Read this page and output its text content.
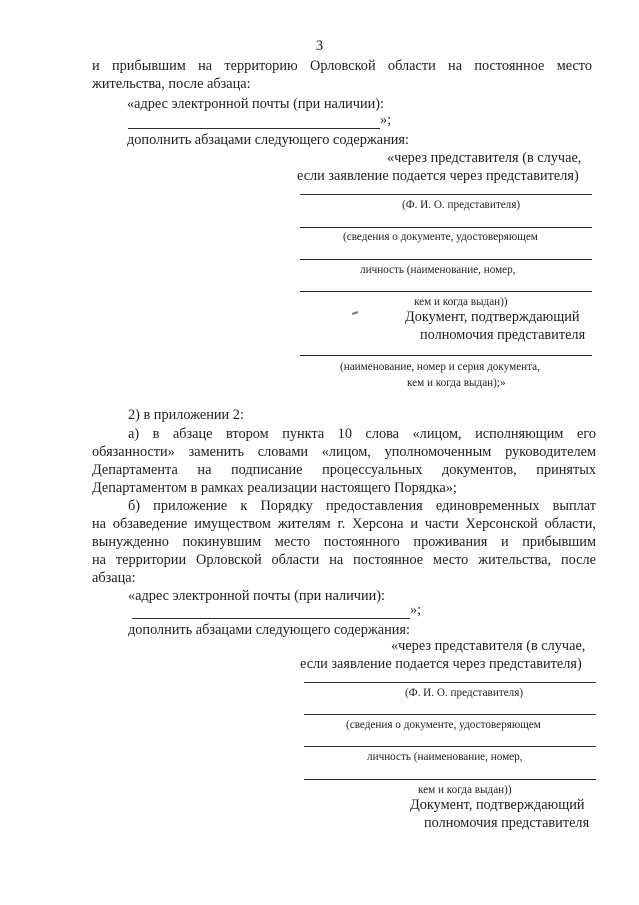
3
и прибывшим на территорию Орловской области на постоянное место
жительства, после абзаца:
«адрес электронной почты (при наличии):
»;
дополнить абзацами следующего содержания:
«через представителя (в случае,
если заявление подается через представителя)
(Ф. И. О. представителя)
(сведения о документе, удостоверяющем
личность (наименование, номер,
кем и когда выдан))
Документ, подтверждающий
полномочия представителя
(наименование, номер и серия документа,
кем и когда выдан);»
2) в приложении 2:
а) в абзаце втором пункта 10 слова «лицом, исполняющим его
обязанности» заменить словами «лицом, уполномоченным руководителем
Департамента на подписание процессуальных документов, принятых
Департаментом в рамках реализации настоящего Порядка»;
б) приложение к Порядку предоставления единовременных выплат
на обзаведение имуществом жителям г. Херсона и части Херсонской области,
вынужденно покинувшим место постоянного проживания и прибывшим
на территории Орловской области на постоянное место жительства, после
абзаца:
«адрес электронной почты (при наличии):
»;
дополнить абзацами следующего содержания:
«через представителя (в случае,
если заявление подается через представителя)
(Ф. И. О. представителя)
(сведения о документе, удостоверяющем
личность (наименование, номер,
кем и когда выдан))
Документ, подтверждающий
полномочия представителя
